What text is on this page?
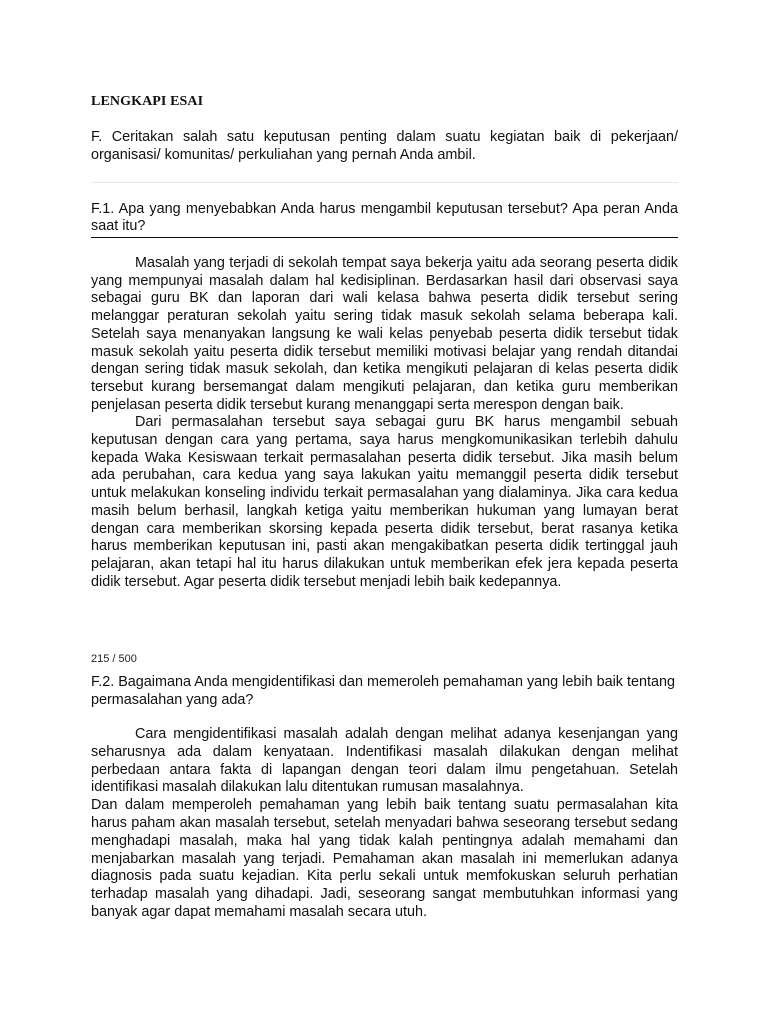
LENGKAPI ESAI
F. Ceritakan salah satu keputusan penting dalam suatu kegiatan baik di pekerjaan/ organisasi/ komunitas/ perkuliahan yang pernah Anda ambil.
F.1. Apa yang menyebabkan Anda harus mengambil keputusan tersebut? Apa peran Anda saat itu?

Masalah yang terjadi di sekolah tempat saya bekerja yaitu ada seorang peserta didik yang mempunyai masalah dalam hal kedisiplinan. Berdasarkan hasil dari observasi saya sebagai guru BK dan laporan dari wali kelasa bahwa peserta didik tersebut sering melanggar peraturan sekolah yaitu sering tidak masuk sekolah selama beberapa kali. Setelah saya menanyakan langsung ke wali kelas penyebab peserta didik tersebut tidak masuk sekolah yaitu peserta didik tersebut memiliki motivasi belajar yang rendah ditandai dengan sering tidak masuk sekolah, dan ketika mengikuti pelajaran di kelas peserta didik tersebut kurang bersemangat dalam mengikuti pelajaran, dan ketika guru memberikan penjelasan peserta didik tersebut kurang menanggapi serta merespon dengan baik.

Dari permasalahan tersebut saya sebagai guru BK harus mengambil sebuah keputusan dengan cara yang pertama, saya harus mengkomunikasikan terlebih dahulu kepada Waka Kesiswaan terkait permasalahan peserta didik tersebut. Jika masih belum ada perubahan, cara kedua yang saya lakukan yaitu memanggil peserta didik tersebut untuk melakukan konseling individu terkait permasalahan yang dialaminya. Jika cara kedua masih belum berhasil, langkah ketiga yaitu memberikan hukuman yang lumayan berat dengan cara memberikan skorsing kepada peserta didik tersebut, berat rasanya ketika harus memberikan keputusan ini, pasti akan mengakibatkan peserta didik tertinggal jauh pelajaran, akan tetapi hal itu harus dilakukan untuk memberikan efek jera kepada peserta didik tersebut. Agar peserta didik tersebut menjadi lebih baik kedepannya.

215 / 500
F.2. Bagaimana Anda mengidentifikasi dan memeroleh pemahaman yang lebih baik tentang permasalahan yang ada?

Cara mengidentifikasi masalah adalah dengan melihat adanya kesenjangan yang seharusnya ada dalam kenyataan. Indentifikasi masalah dilakukan dengan melihat perbedaan antara fakta di lapangan dengan teori dalam ilmu pengetahuan. Setelah identifikasi masalah dilakukan lalu ditentukan rumusan masalahnya.

Dan dalam memperoleh pemahaman yang lebih baik tentang suatu permasalahan kita harus paham akan masalah tersebut, setelah menyadari bahwa seseorang tersebut sedang menghadapi masalah, maka hal yang tidak kalah pentingnya adalah memahami dan menjabarkan masalah yang terjadi. Pemahaman akan masalah ini memerlukan adanya diagnosis pada suatu kejadian. Kita perlu sekali untuk memfokuskan seluruh perhatian terhadap masalah yang dihadapi. Jadi, seseorang sangat membutuhkan informasi yang banyak agar dapat memahami masalah secara utuh.
